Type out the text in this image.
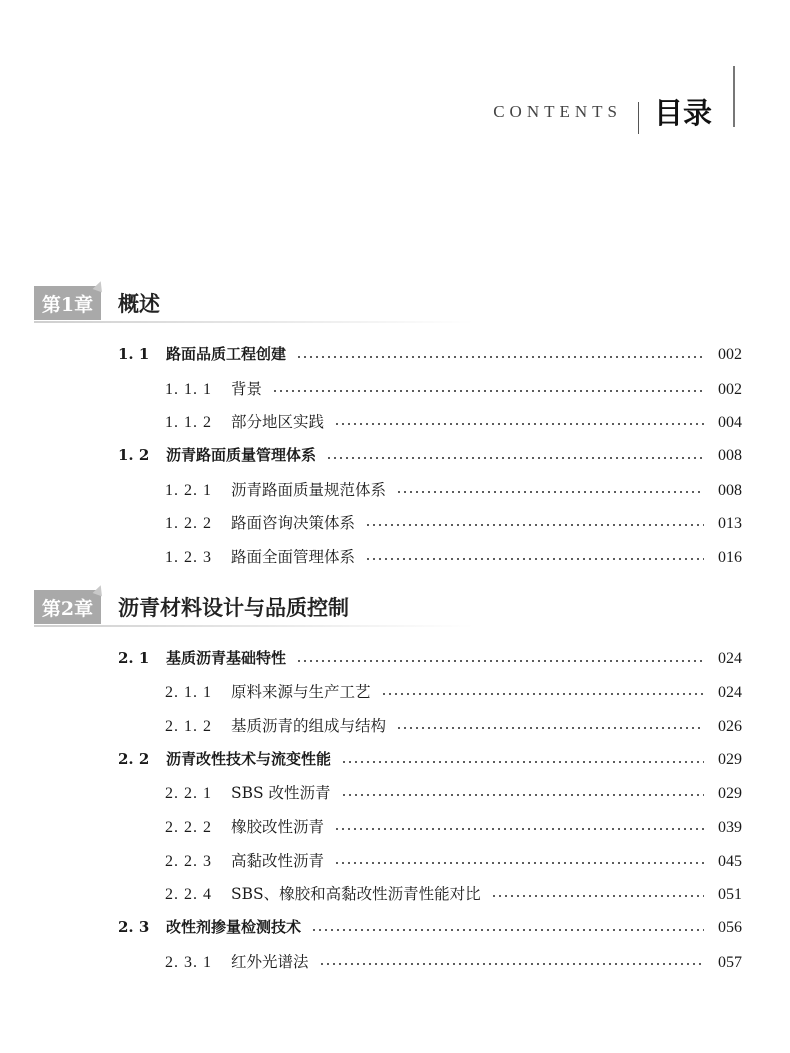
CONTENTS 目录
第1章	概述
1. 1	路面品质工程创建	002
1. 1. 1	背景	002
1. 1. 2	部分地区实践	004
1. 2	沥青路面质量管理体系	008
1. 2. 1	沥青路面质量规范体系	008
1. 2. 2	路面咨询决策体系	013
1. 2. 3	路面全面管理体系	016
第2章	沥青材料设计与品质控制
2. 1	基质沥青基础特性	024
2. 1. 1	原料来源与生产工艺	024
2. 1. 2	基质沥青的组成与结构	026
2. 2	沥青改性技术与流变性能	029
2. 2. 1	SBS 改性沥青	029
2. 2. 2	橡胶改性沥青	039
2. 2. 3	高黏改性沥青	045
2. 2. 4	SBS、橡胶和高黏改性沥青性能对比	051
2. 3	改性剂掺量检测技术	056
2. 3. 1	红外光谱法	057
